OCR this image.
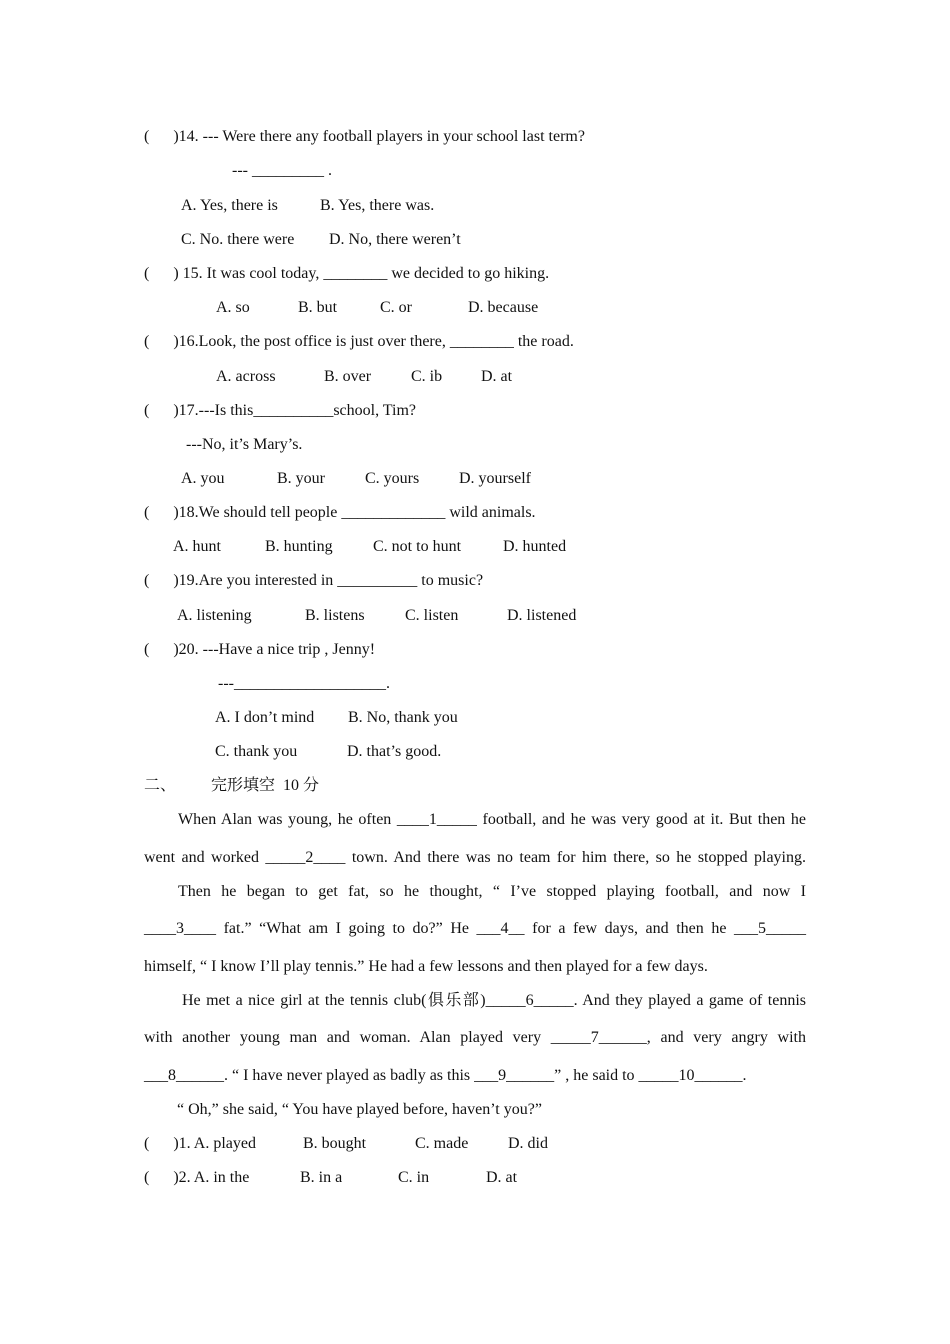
(      )14. --- Were there any football players in your school last term?
--- _________ .
A. Yes, there is	B. Yes, there was.
C. No. there were D. No, there weren’t
(      ) 15. It was cool today, ________ we decided to go hiking.
A. so	B. but	C. or	D. because
(      )16.Look, the post office is just over there, ________ the road.
A. across	B. over C. ib D. at
(      )17.---Is this__________school, Tim?
---No, it’s Mary’s.
A. you	B. your	C. yours D. yourself
(      )18.We should tell people _____________ wild animals.
A. hunt	B. hunting	C. not to hunt	D. hunted
(      )19.Are you interested in __________ to music?
A. listening	B. listens	C. listen	D. listened
(      )20. ---Have a nice trip , Jenny!
---___________________.
A. I don’t mind B. No, thank you
C. thank you	D. that’s good.
二、 完形填空  10 分
When Alan was young, he often ____1_____ football, and he was very good at it. But then he
went and worked _____2____ town. And there was no team for him there, so he stopped playing.
Then he began to get fat, so he thought, “ I’ve stopped playing football, and now I
____3____ fat.” “What am I going to do?” He ___4__ for a few days, and then he ___5_____
himself, “ I know I’ll play tennis.” He had a few lessons and then played for a few days.
He met a nice girl at the tennis club(俱乐部)_____6_____. And they played a game of tennis
with another young man and woman. Alan played very _____7______, and very angry with
___8______. “ I have never played as badly as this ___9______” , he said to _____10______.
“ Oh,” she said, “ You have played before, haven’t you?”
(      )1. A. played	B. bought	C. made D. did
(      )2. A. in the	B. in a	C. in	D. at
